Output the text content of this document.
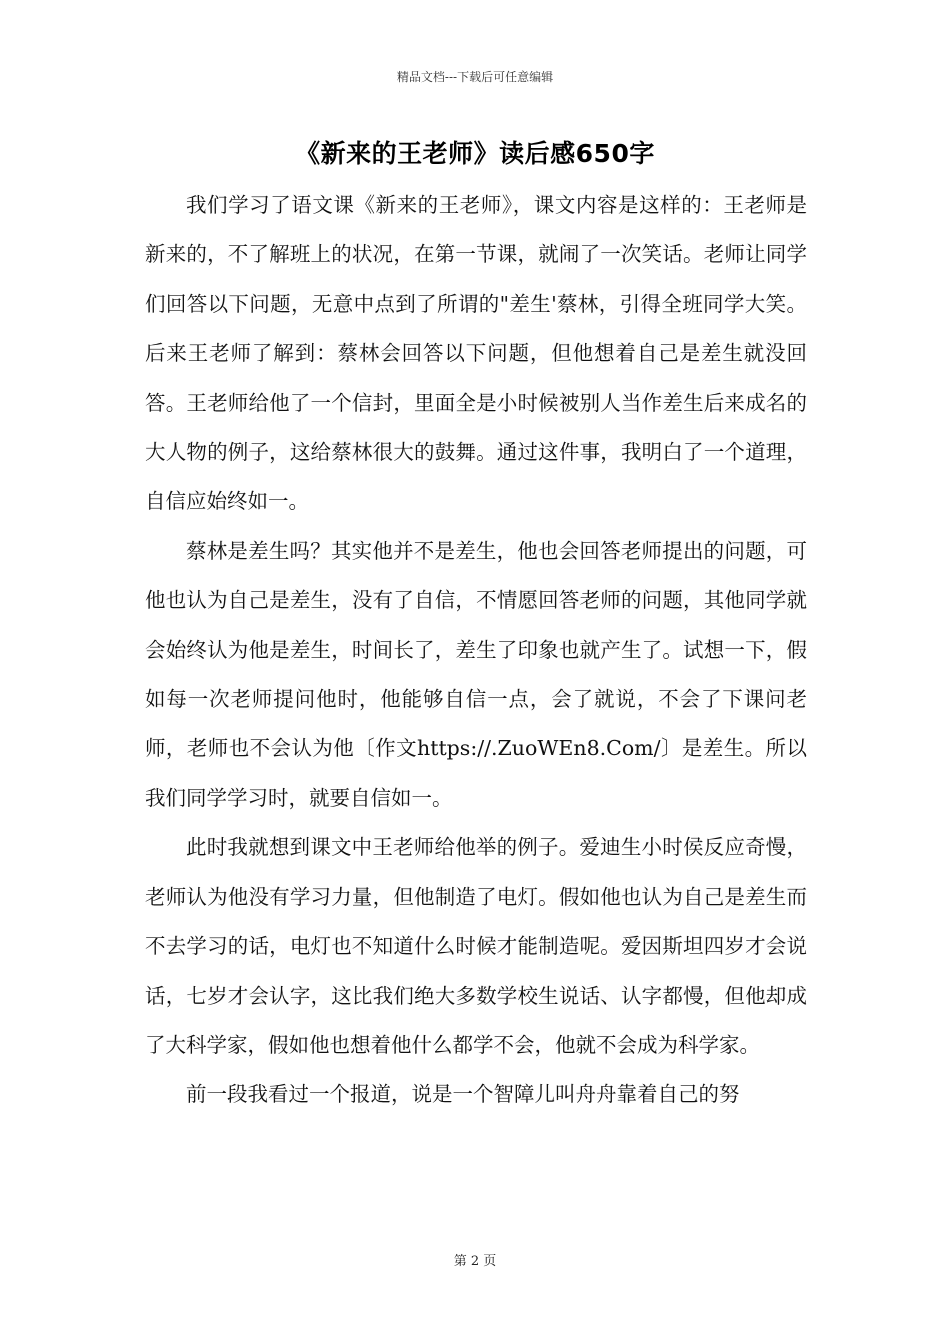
精品文档---下载后可任意编辑
《新来的王老师》读后感650字

我们学习了语文课《新来的王老师》，课文内容是这样的：王老师是新来的，不了解班上的状况，在第一节课，就闹了一次笑话。老师让同学们回答以下问题，无意中点到了所谓的"差生'蔡林，引得全班同学大笑。后来王老师了解到：蔡林会回答以下问题，但他想着自己是差生就没回答。王老师给他了一个信封，里面全是小时候被别人当作差生后来成名的大人物的例子，这给蔡林很大的鼓舞。通过这件事，我明白了一个道理，自信应始终如一。

蔡林是差生吗？其实他并不是差生，他也会回答老师提出的问题，可他也认为自己是差生，没有了自信，不情愿回答老师的问题，其他同学就会始终认为他是差生，时间长了，差生了印象也就产生了。试想一下，假如每一次老师提问他时，他能够自信一点，会了就说，不会了下课问老师，老师也不会认为他〔作文https://.ZuoWEn8.Com/〕是差生。所以我们同学学习时，就要自信如一。

此时我就想到课文中王老师给他举的例子。爱迪生小时侯反应奇慢，老师认为他没有学习力量，但他制造了电灯。假如他也认为自己是差生而不去学习的话，电灯也不知道什么时候才能制造呢。爱因斯坦四岁才会说话，七岁才会认字，这比我们绝大多数学校生说话、认字都慢，但他却成了大科学家，假如他也想着他什么都学不会，他就不会成为科学家。

前一段我看过一个报道，说是一个智障儿叫舟舟靠着自己的努

第 2 页
